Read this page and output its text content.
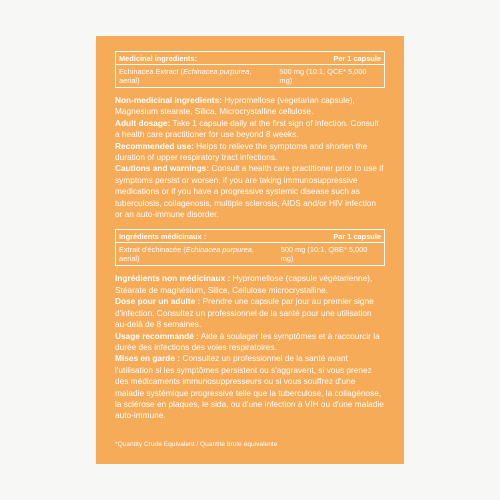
Medicinal ingredients:	Per 1 capsule
Echinacea Extract (Echinacea purpurea, aerial)
500 mg (10:1, QCE* 5,000 mg)
Non-medicinal ingredients: Hypromellose (vegetarian capsule), Magnesium stearate, Silica, Microcrystalline cellulose.
Adult dosage: Take 1 capsule daily at the first sign of infection. Consult a health care practitioner for use beyond 8 weeks.
Recommended use: Helps to relieve the symptoms and shorten the duration of upper respiratory tract infections.
Cautions and warnings: Consult a health care practitioner prior to use if symptoms persist or worsen, if you are taking immunosuppressive medications or if you have a progressive systemic disease such as tuberculosis, collagenosis, multiple sclerosis, AIDS and/or HIV infection or an auto-immune disorder.
Ingrédients médicinaux :	Par 1 capsule
Extrait d'échinacée (Echinacea purpurea, aerial)
500 mg (10:1, QBE* 5,000 mg)
Ingrédients non médicinaux : Hypromellose (capsule végétarienne), Stéarate de magnésium, Silice, Cellulose microcrystalline.
Dose pour un adulte : Prendre une capsule par jour au premier signe d'infection. Consultez un professionnel de la santé pour une utilisation au-delà de 8 semaines.
Usage recommandé : Aide à soulager les symptômes et à raccourcir la durée des infections des voies respiratoires.
Mises en garde : Consultez un professionnel de la santé avant l'utilisation si les symptômes persistent ou s'aggravent, si vous prenez des médicaments immunosuppresseurs ou si vous souffrez d'une maladie systémique progressive telle que la tuberculose, la collagénose, la sclérose en plaques, le sida, ou d'une infection à VIH ou d'une maladie auto-immune.
*Quantity Crude Equivalent / Quantité brute équivalente
